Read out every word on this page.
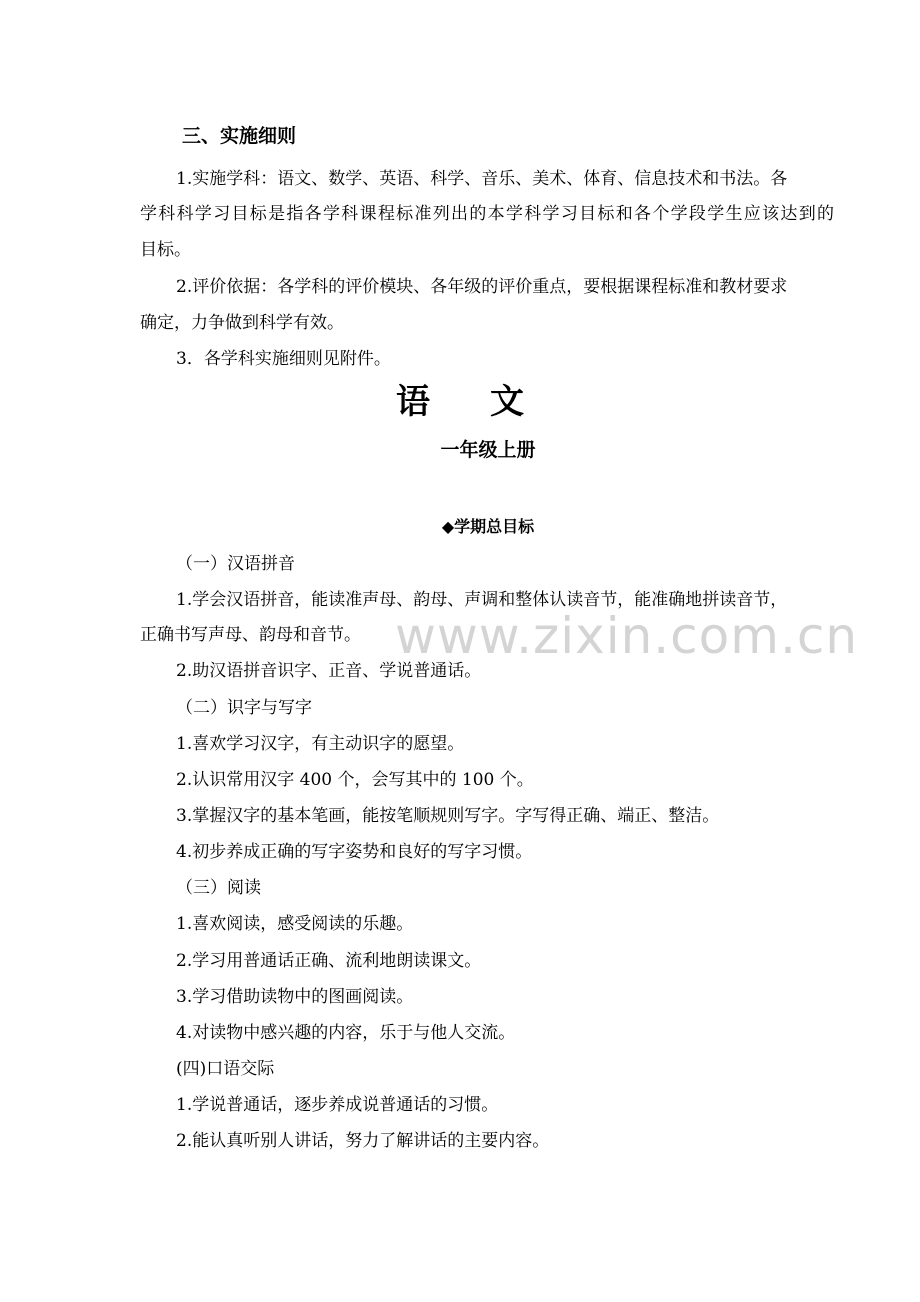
三、实施细则
1.实施学科：语文、数学、英语、科学、音乐、美术、体育、信息技术和书法。各
学科科学习目标是指各学科课程标准列出的本学科学习目标和各个学段学生应该达到的
目标。
2.评价依据：各学科的评价模块、各年级的评价重点，要根据课程标准和教材要求
确定，力争做到科学有效。
3．各学科实施细则见附件。
语 文
一年级上册
◆学期总目标
（一）汉语拼音
1.学会汉语拼音，能读准声母、韵母、声调和整体认读音节，能准确地拼读音节，
正确书写声母、韵母和音节。
2.助汉语拼音识字、正音、学说普通话。
（二）识字与写字
1.喜欢学习汉字，有主动识字的愿望。
2.认识常用汉字 400 个，会写其中的 100 个。
3.掌握汉字的基本笔画，能按笔顺规则写字。字写得正确、端正、整洁。
4.初步养成正确的写字姿势和良好的写字习惯。
（三）阅读
1.喜欢阅读，感受阅读的乐趣。
2.学习用普通话正确、流利地朗读课文。
3.学习借助读物中的图画阅读。
4.对读物中感兴趣的内容，乐于与他人交流。
(四)口语交际
1.学说普通话，逐步养成说普通话的习惯。
2.能认真听别人讲话，努力了解讲话的主要内容。
www.zixin.com.cn
